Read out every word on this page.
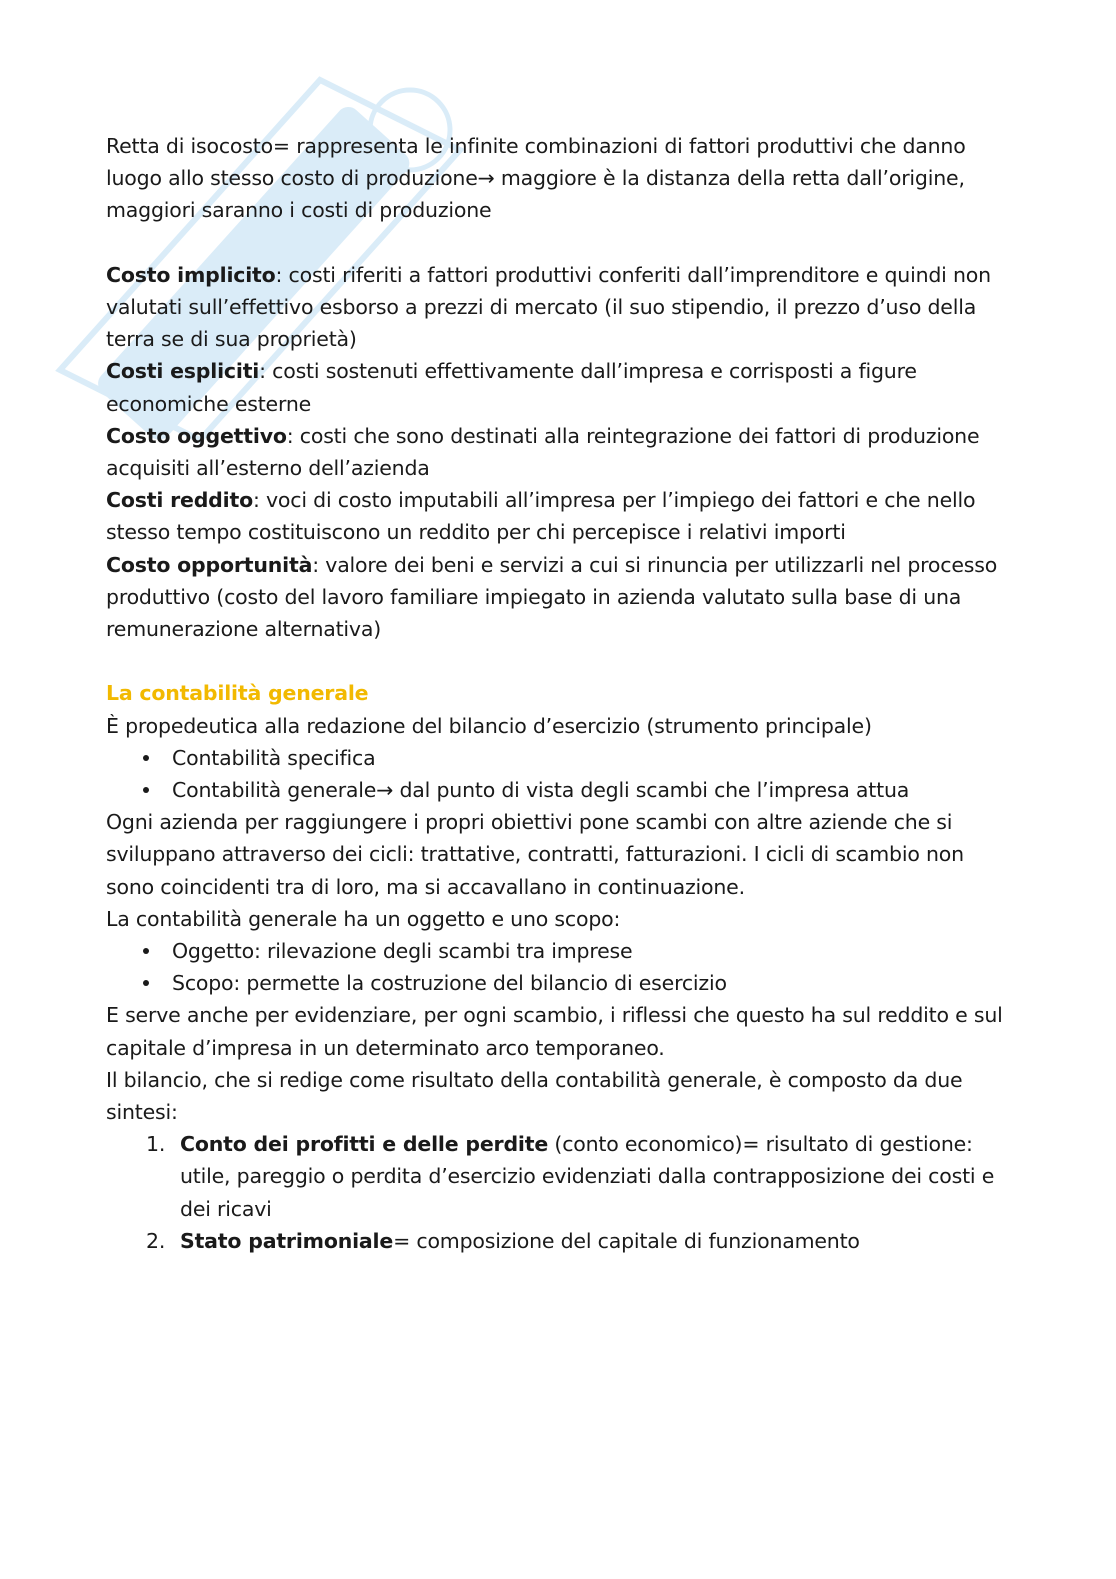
Retta di isocosto= rappresenta le infinite combinazioni di fattori produttivi che danno luogo allo stesso costo di produzione→ maggiore è la distanza della retta dall’origine, maggiori saranno i costi di produzione

Costo implicito: costi riferiti a fattori produttivi conferiti dall’imprenditore e quindi non valutati sull’effettivo esborso a prezzi di mercato (il suo stipendio, il prezzo d’uso della terra se di sua proprietà)

Costi espliciti: costi sostenuti effettivamente dall’impresa e corrisposti a figure economiche esterne

Costo oggettivo: costi che sono destinati alla reintegrazione dei fattori di produzione acquisiti all’esterno dell’azienda

Costi reddito: voci di costo imputabili all’impresa per l’impiego dei fattori e che nello stesso tempo costituiscono un reddito per chi percepisce i relativi importi

Costo opportunità: valore dei beni e servizi a cui si rinuncia per utilizzarli nel processo produttivo (costo del lavoro familiare impiegato in azienda valutato sulla base di una remunerazione alternativa)

La contabilità generale

È propedeutica alla redazione del bilancio d’esercizio (strumento principale)

Contabilità specifica
Contabilità generale→ dal punto di vista degli scambi che l’impresa attua

Ogni azienda per raggiungere i propri obiettivi pone scambi con altre aziende che si sviluppano attraverso dei cicli: trattative, contratti, fatturazioni. I cicli di scambio non sono coincidenti tra di loro, ma si accavallano in continuazione.

La contabilità generale ha un oggetto e uno scopo:

Oggetto: rilevazione degli scambi tra imprese
Scopo: permette la costruzione del bilancio di esercizio

E serve anche per evidenziare, per ogni scambio, i riflessi che questo ha sul reddito e sul capitale d’impresa in un determinato arco temporaneo.

Il bilancio, che si redige come risultato della contabilità generale, è composto da due sintesi:

1. Conto dei profitti e delle perdite (conto economico)= risultato di gestione: utile, pareggio o perdita d’esercizio evidenziati dalla contrapposizione dei costi e dei ricavi
2. Stato patrimoniale= composizione del capitale di funzionamento
